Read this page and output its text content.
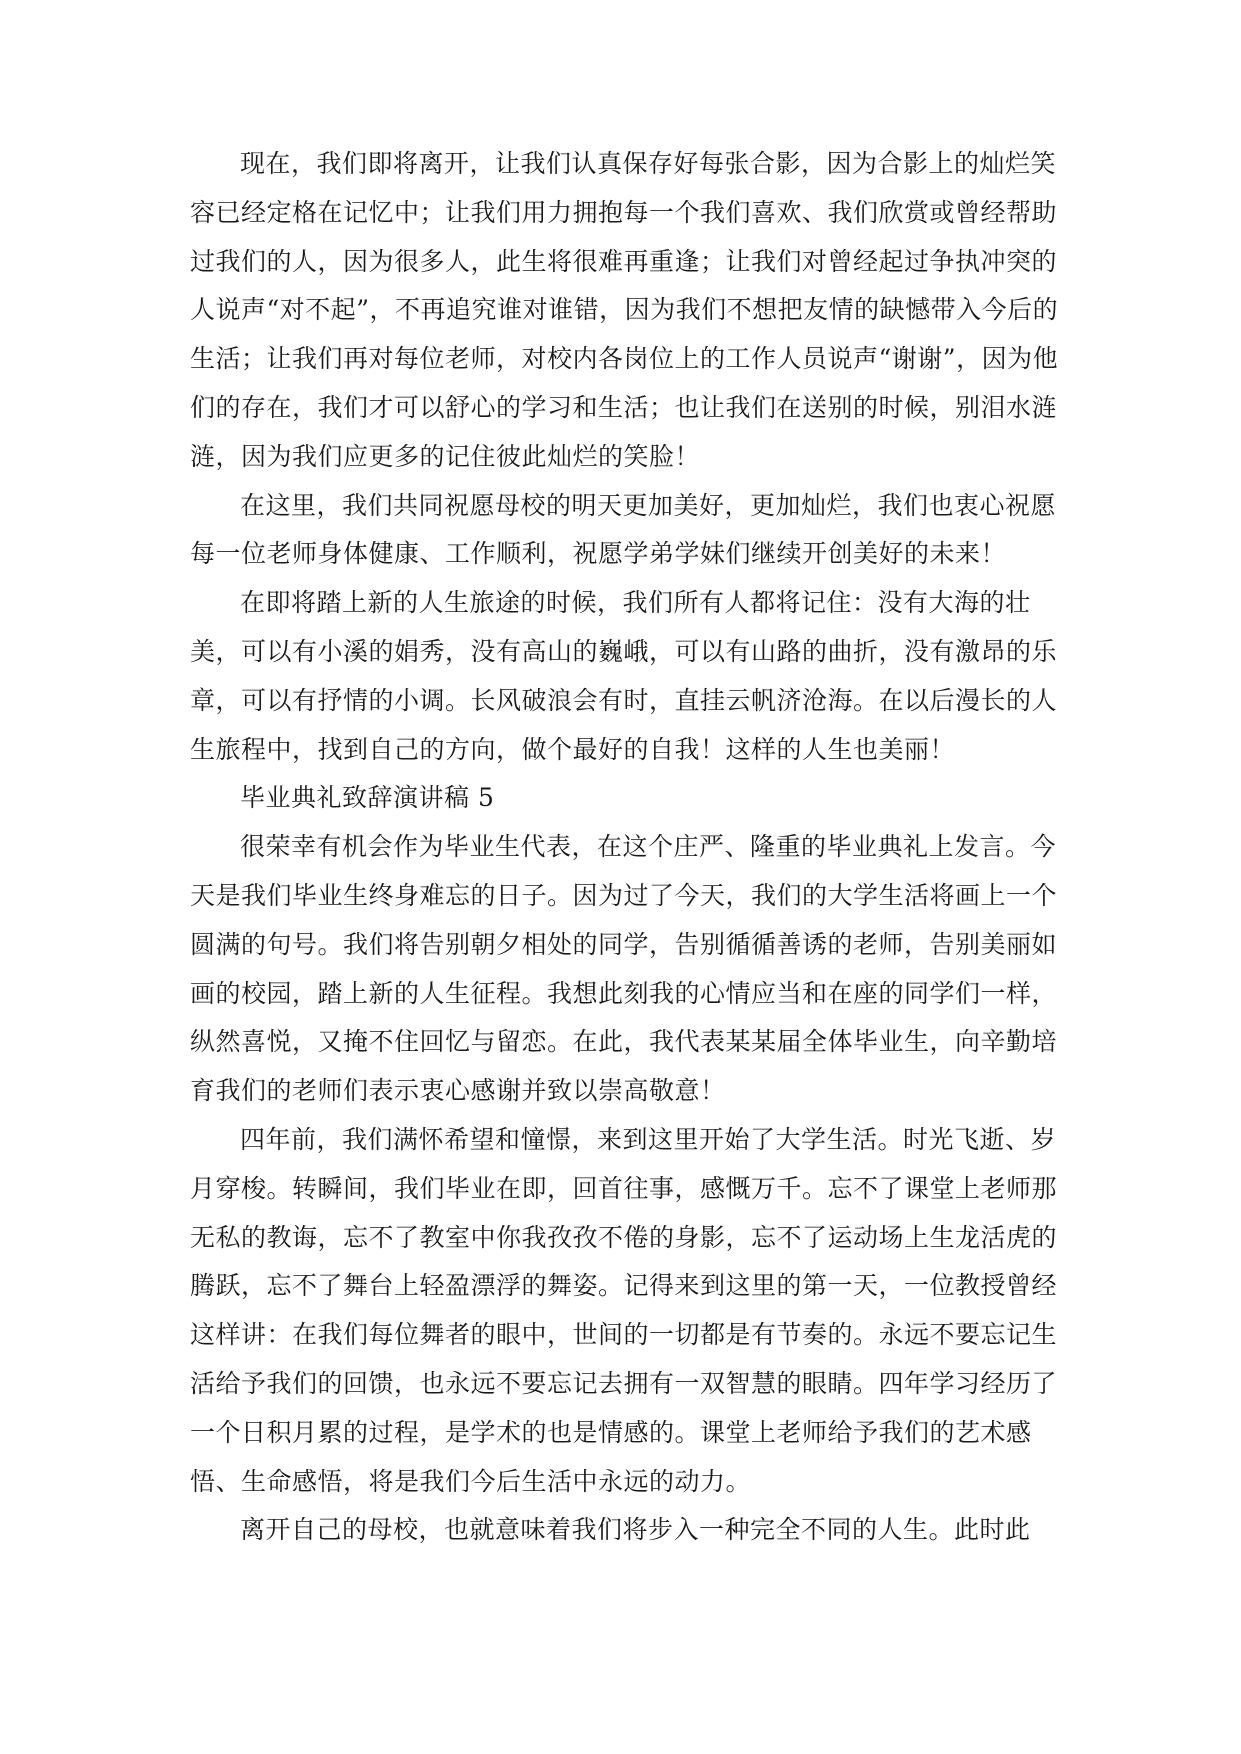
现在，我们即将离开，让我们认真保存好每张合影，因为合影上的灿烂笑
容已经定格在记忆中；让我们用力拥抱每一个我们喜欢、我们欣赏或曾经帮助
过我们的人，因为很多人，此生将很难再重逢；让我们对曾经起过争执冲突的
人说声“对不起”，不再追究谁对谁错，因为我们不想把友情的缺憾带入今后的
生活；让我们再对每位老师，对校内各岗位上的工作人员说声“谢谢”，因为他
们的存在，我们才可以舒心的学习和生活；也让我们在送别的时候，别泪水涟
涟，因为我们应更多的记住彼此灿烂的笑脸！
在这里，我们共同祝愿母校的明天更加美好，更加灿烂，我们也衷心祝愿
每一位老师身体健康、工作顺利，祝愿学弟学妹们继续开创美好的未来！
在即将踏上新的人生旅途的时候，我们所有人都将记住：没有大海的壮
美，可以有小溪的娟秀，没有高山的巍峨，可以有山路的曲折，没有激昂的乐
章，可以有抒情的小调。长风破浪会有时，直挂云帆济沧海。在以后漫长的人
生旅程中，找到自己的方向，做个最好的自我！这样的人生也美丽！
毕业典礼致辞演讲稿 5
很荣幸有机会作为毕业生代表，在这个庄严、隆重的毕业典礼上发言。今
天是我们毕业生终身难忘的日子。因为过了今天，我们的大学生活将画上一个
圆满的句号。我们将告别朝夕相处的同学，告别循循善诱的老师，告别美丽如
画的校园，踏上新的人生征程。我想此刻我的心情应当和在座的同学们一样，
纵然喜悦，又掩不住回忆与留恋。在此，我代表某某届全体毕业生，向辛勤培
育我们的老师们表示衷心感谢并致以崇高敬意！
四年前，我们满怀希望和憧憬，来到这里开始了大学生活。时光飞逝、岁
月穿梭。转瞬间，我们毕业在即，回首往事，感慨万千。忘不了课堂上老师那
无私的教诲，忘不了教室中你我孜孜不倦的身影，忘不了运动场上生龙活虎的
腾跃，忘不了舞台上轻盈漂浮的舞姿。记得来到这里的第一天，一位教授曾经
这样讲：在我们每位舞者的眼中，世间的一切都是有节奏的。永远不要忘记生
活给予我们的回馈，也永远不要忘记去拥有一双智慧的眼睛。四年学习经历了
一个日积月累的过程，是学术的也是情感的。课堂上老师给予我们的艺术感
悟、生命感悟，将是我们今后生活中永远的动力。
离开自己的母校，也就意味着我们将步入一种完全不同的人生。此时此
